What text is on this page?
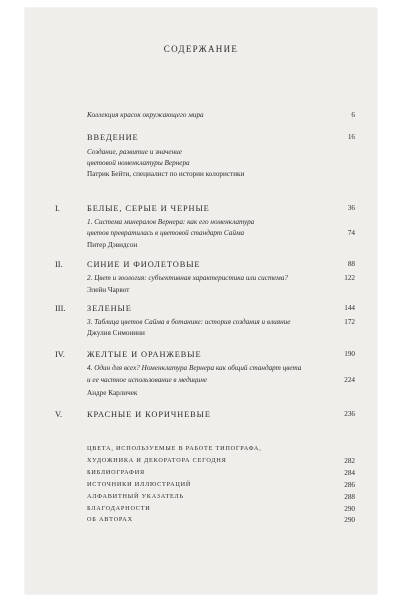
СОДЕРЖАНИЕ
Коллекция красок окружающего мира	6
ВВЕДЕНИЕ	16
Создание, развитие и значение
цветовой номенклатуры Вернера
Патрик Бейти, специалист по истории колористики
I.	БЕЛЫЕ, СЕРЫЕ И ЧЕРНЫЕ	36
1. Система минералов Вернера: как его номенклатура
цветов превратилась в цветовой стандарт Сайма	74
Питер Дэвидсон
II.	СИНИЕ И ФИОЛЕТОВЫЕ	88
2. Цвет и зоология: субъективная характеристика или система?	122
Элейн Чарвот
III.	ЗЕЛЕНЫЕ	144
3. Таблица цветов Сайма в ботанике: история создания и влияние	172
Джулия Симонини
IV.	ЖЕЛТЫЕ И ОРАНЖЕВЫЕ	190
4. Один для всех? Номенклатура Вернера как общий стандарт цвета
и ее частное использование в медицине	224
Андре Карличек
V.	КРАСНЫЕ И КОРИЧНЕВЫЕ	236
ЦВЕТА, ИСПОЛЬЗУЕМЫЕ В РАБОТЕ ТИПОГРАФА,
ХУДОЖНИКА И ДЕКОРАТОРА СЕГОДНЯ	282
БИБЛИОГРАФИЯ	284
ИСТОЧНИКИ ИЛЛЮСТРАЦИЙ	286
АЛФАВИТНЫЙ УКАЗАТЕЛЬ	288
БЛАГОДАРНОСТИ	290
ОБ АВТОРАХ	290
